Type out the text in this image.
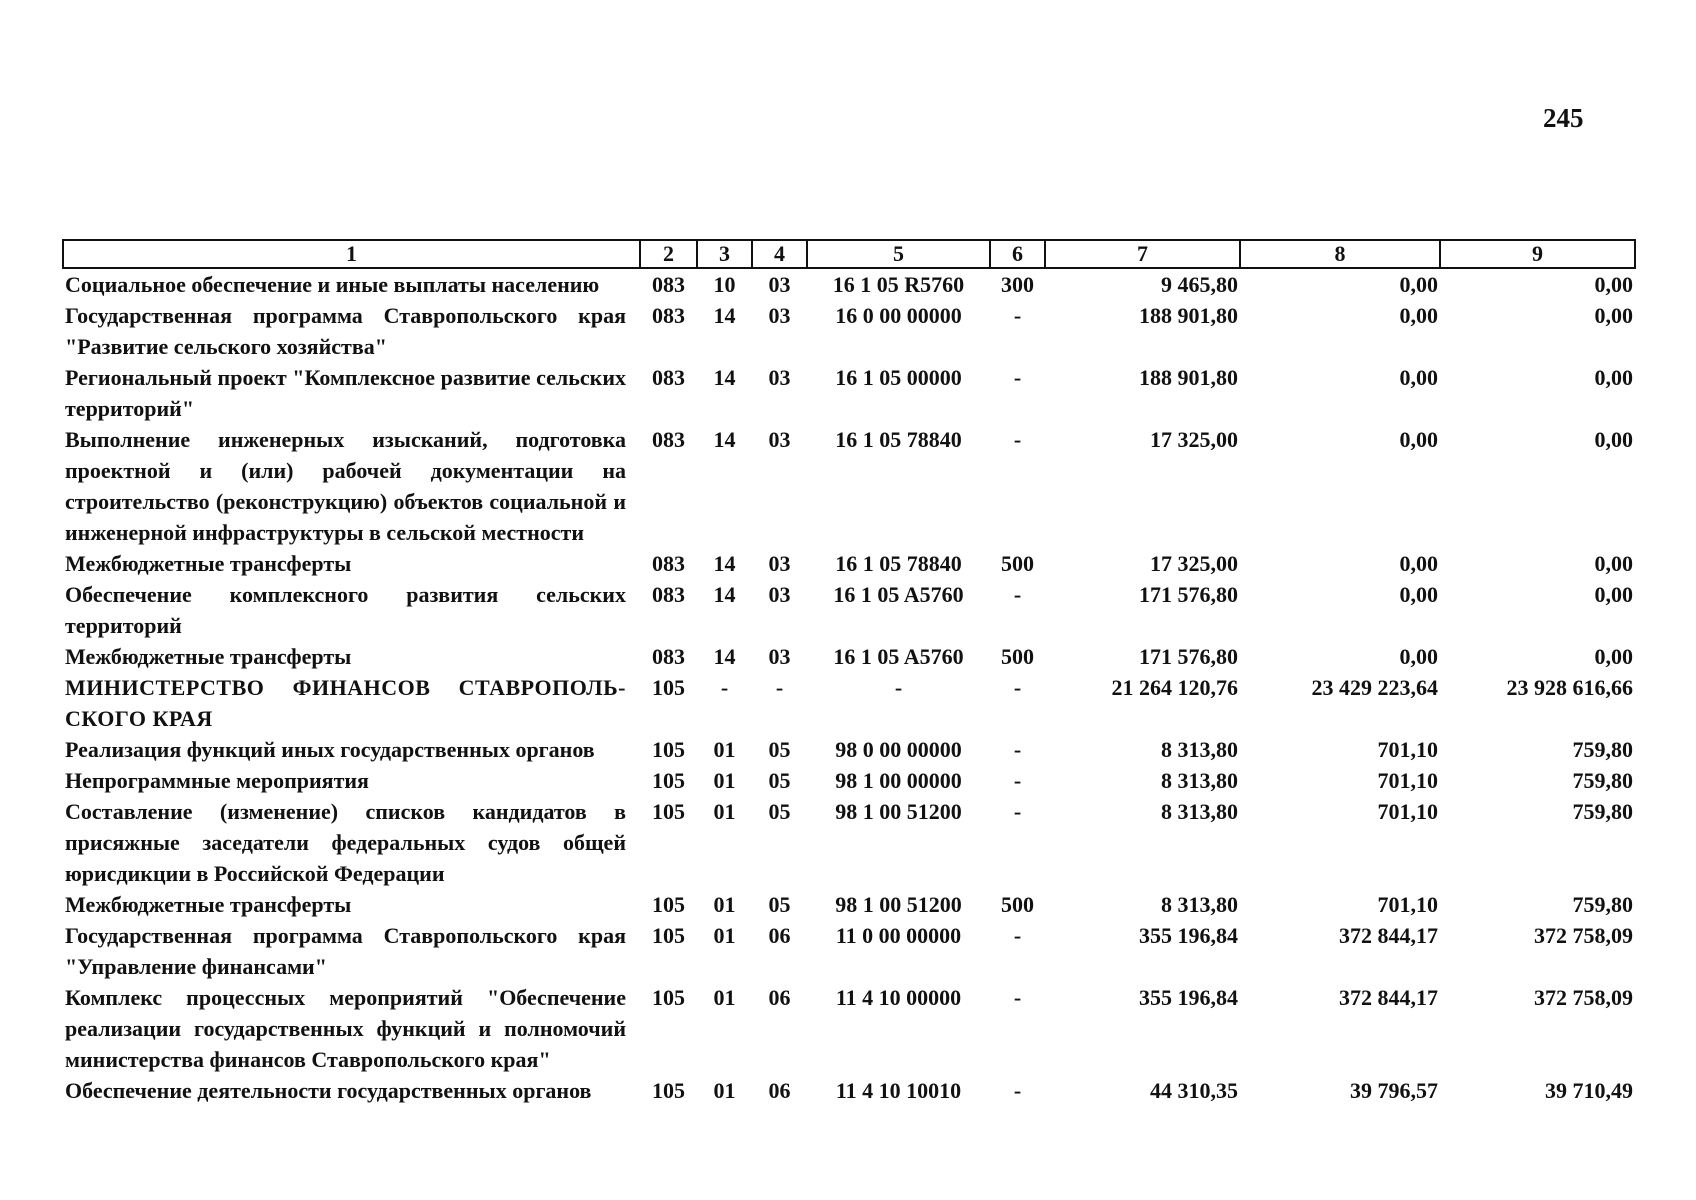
245
1	2	3	4	5	6	7	8	9
Социальное обеспечение и иные выплаты населению	083	10	03	16 1 05 R5760	300	9 465,80	0,00	0,00
Государственная программа Ставропольского края "Развитие сельского хозяйства"	083	14	03	16 0 00 00000	-	188 901,80	0,00	0,00
Региональный проект "Комплексное развитие сельских территорий"	083	14	03	16 1 05 00000	-	188 901,80	0,00	0,00
Выполнение инженерных изысканий, подготовка проектной и (или) рабочей документации на строительство (реконструкцию) объектов социальной и инженерной инфраструктуры в сельской местности	083	14	03	16 1 05 78840	-	17 325,00	0,00	0,00
Межбюджетные трансферты	083	14	03	16 1 05 78840	500	17 325,00	0,00	0,00
Обеспечение комплексного развития сельских территорий	083	14	03	16 1 05 A5760	-	171 576,80	0,00	0,00
Межбюджетные трансферты	083	14	03	16 1 05 A5760	500	171 576,80	0,00	0,00
МИНИСТЕРСТВО ФИНАНСОВ СТАВРОПОЛЬ-СКОГО КРАЯ	105	-	-	-	-	21 264 120,76	23 429 223,64	23 928 616,66
Реализация функций иных государственных органов	105	01	05	98 0 00 00000	-	8 313,80	701,10	759,80
Непрограммные мероприятия	105	01	05	98 1 00 00000	-	8 313,80	701,10	759,80
Составление (изменение) списков кандидатов в присяжные заседатели федеральных судов общей юрисдикции в Российской Федерации	105	01	05	98 1 00 51200	-	8 313,80	701,10	759,80
Межбюджетные трансферты	105	01	05	98 1 00 51200	500	8 313,80	701,10	759,80
Государственная программа Ставропольского края "Управление финансами"	105	01	06	11 0 00 00000	-	355 196,84	372 844,17	372 758,09
Комплекс процессных мероприятий "Обеспечение реализации государственных функций и полномочий министерства финансов Ставропольского края"	105	01	06	11 4 10 00000	-	355 196,84	372 844,17	372 758,09
Обеспечение деятельности государственных органов	105	01	06	11 4 10 10010	-	44 310,35	39 796,57	39 710,49
